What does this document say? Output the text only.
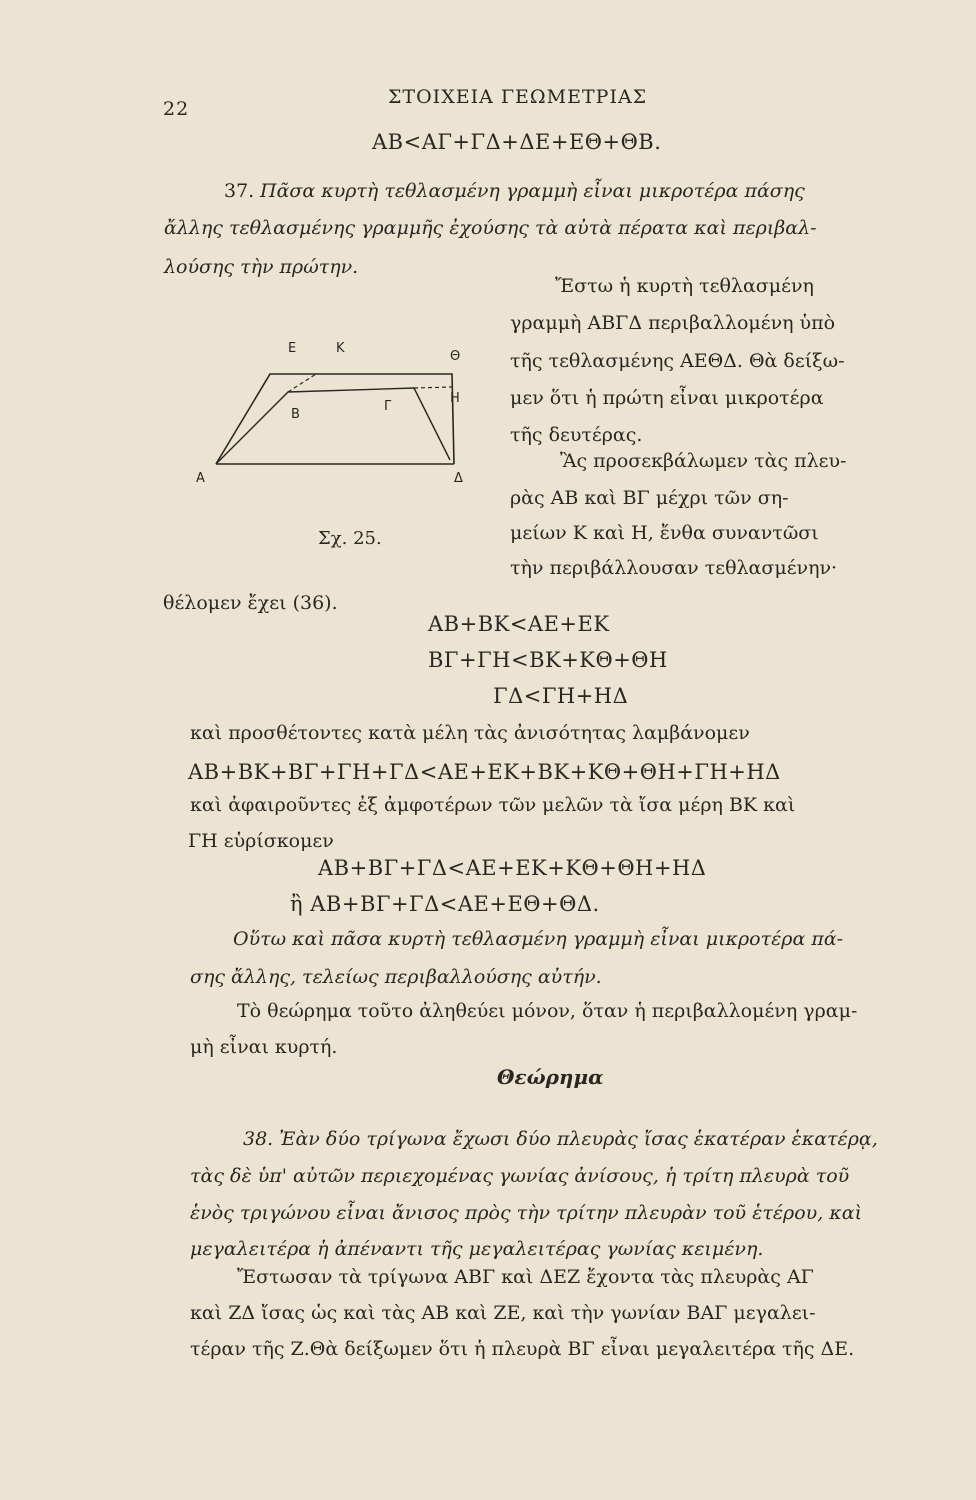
22
ΣΤΟΙΧΕΙΑ ΓΕΩΜΕΤΡΙΑΣ
ΑΒ<ΑΓ+ΓΔ+ΔΕ+ΕΘ+ΘΒ.
37. Πᾶσα κυρτὴ τεθλασμένη γραμμὴ εἶναι μικροτέρα πάσης
ἄλλης τεθλασμένης γραμμῆς ἐχούσης τὰ αὐτὰ πέρατα καὶ περιβαλ-
λούσης τὴν πρώτην.
Ἔστω ἡ κυρτὴ τεθλασμένη
γραμμὴ ΑΒΓΔ περιβαλλομένη ὑπὸ
τῆς τεθλασμένης ΑΕΘΔ. Θὰ δείξω-
μεν ὅτι ἡ πρώτη εἶναι μικροτέρα
τῆς δευτέρας.
Ἂς προσεκβάλωμεν τὰς πλευ-
ρὰς ΑΒ καὶ ΒΓ μέχρι τῶν ση-
μείων Κ καὶ Η, ἔνθα συναντῶσι
τὴν περιβάλλουσαν τεθλασμένην·
Ε	Κ
Θ
Η
Β
Γ
Α	Δ
Σχ. 25.
θέλομεν ἔχει (36).
ΑΒ+ΒΚ<ΑΕ+ΕΚ
ΒΓ+ΓΗ<ΒΚ+ΚΘ+ΘΗ
ΓΔ<ΓΗ+ΗΔ
καὶ προσθέτοντες κατὰ μέλη τὰς ἀνισότητας λαμβάνομεν
ΑΒ+ΒΚ+ΒΓ+ΓΗ+ΓΔ<ΑΕ+ΕΚ+ΒΚ+ΚΘ+ΘΗ+ΓΗ+ΗΔ
καὶ ἀφαιροῦντες ἐξ ἀμφοτέρων τῶν μελῶν τὰ ἴσα μέρη ΒΚ καὶ
ΓΗ εὑρίσκομεν
ΑΒ+ΒΓ+ΓΔ<ΑΕ+ΕΚ+ΚΘ+ΘΗ+ΗΔ
ἢ ΑΒ+ΒΓ+ΓΔ<ΑΕ+ΕΘ+ΘΔ.
Οὕτω καὶ πᾶσα κυρτὴ τεθλασμένη γραμμὴ εἶναι μικροτέρα πά-
σης ἄλλης, τελείως περιβαλλούσης αὐτήν.
Τὸ θεώρημα τοῦτο ἀληθεύει μόνον, ὅταν ἡ περιβαλλομένη γραμ-
μὴ εἶναι κυρτή.
Θεώρημα
38. Ἐὰν δύο τρίγωνα ἔχωσι δύο πλευρὰς ἴσας ἑκατέραν ἑκατέρᾳ,
τὰς δὲ ὑπ' αὐτῶν περιεχομένας γωνίας ἀνίσους, ἡ τρίτη πλευρὰ τοῦ
ἑνὸς τριγώνου εἶναι ἄνισος πρὸς τὴν τρίτην πλευρὰν τοῦ ἑτέρου, καὶ
μεγαλειτέρα ἡ ἀπέναντι τῆς μεγαλειτέρας γωνίας κειμένη.
Ἔστωσαν τὰ τρίγωνα ΑΒΓ καὶ ΔΕΖ ἔχοντα τὰς πλευρὰς ΑΓ
καὶ ΖΔ ἴσας ὡς καὶ τὰς ΑΒ καὶ ΖΕ, καὶ τὴν γωνίαν ΒΑΓ μεγαλει-
τέραν τῆς Ζ.Θὰ δείξωμεν ὅτι ἡ πλευρὰ ΒΓ εἶναι μεγαλειτέρα τῆς ΔΕ.
